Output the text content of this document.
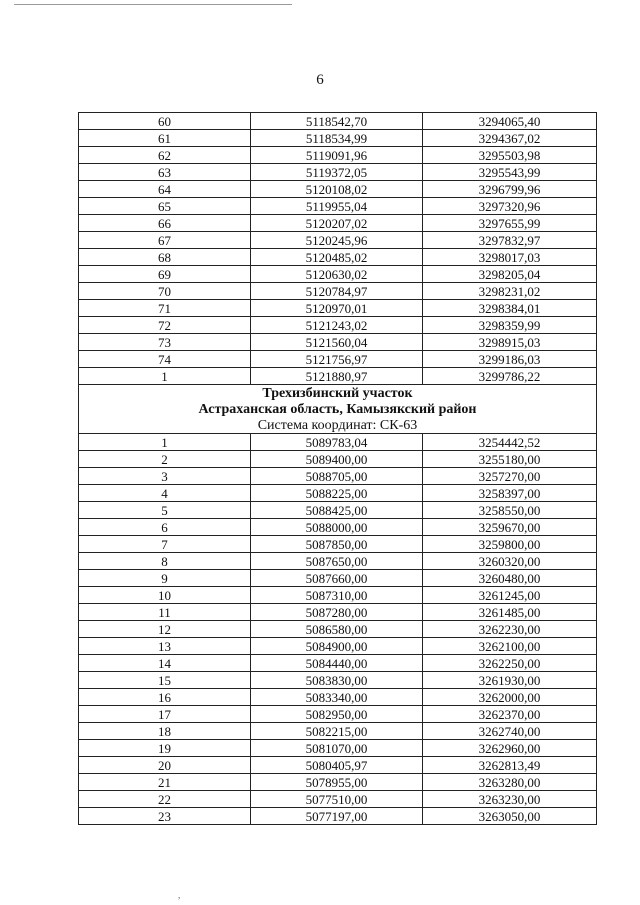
6
60	5118542,70	3294065,40
61	5118534,99	3294367,02
62	5119091,96	3295503,98
63	5119372,05	3295543,99
64	5120108,02	3296799,96
65	5119955,04	3297320,96
66	5120207,02	3297655,99
67	5120245,96	3297832,97
68	5120485,02	3298017,03
69	5120630,02	3298205,04
70	5120784,97	3298231,02
71	5120970,01	3298384,01
72	5121243,02	3298359,99
73	5121560,04	3298915,03
74	5121756,97	3299186,03
1	5121880,97	3299786,22
Трехизбинский участок		
Астраханская область, Камызякский район		
Система координат: СК-63		
1	5089783,04	3254442,52
2	5089400,00	3255180,00
3	5088705,00	3257270,00
4	5088225,00	3258397,00
5	5088425,00	3258550,00
6	5088000,00	3259670,00
7	5087850,00	3259800,00
8	5087650,00	3260320,00
9	5087660,00	3260480,00
10	5087310,00	3261245,00
11	5087280,00	3261485,00
12	5086580,00	3262230,00
13	5084900,00	3262100,00
14	5084440,00	3262250,00
15	5083830,00	3261930,00
16	5083340,00	3262000,00
17	5082950,00	3262370,00
18	5082215,00	3262740,00
19	5081070,00	3262960,00
20	5080405,97	3262813,49
21	5078955,00	3263280,00
22	5077510,00	3263230,00
23	5077197,00	3263050,00
,
